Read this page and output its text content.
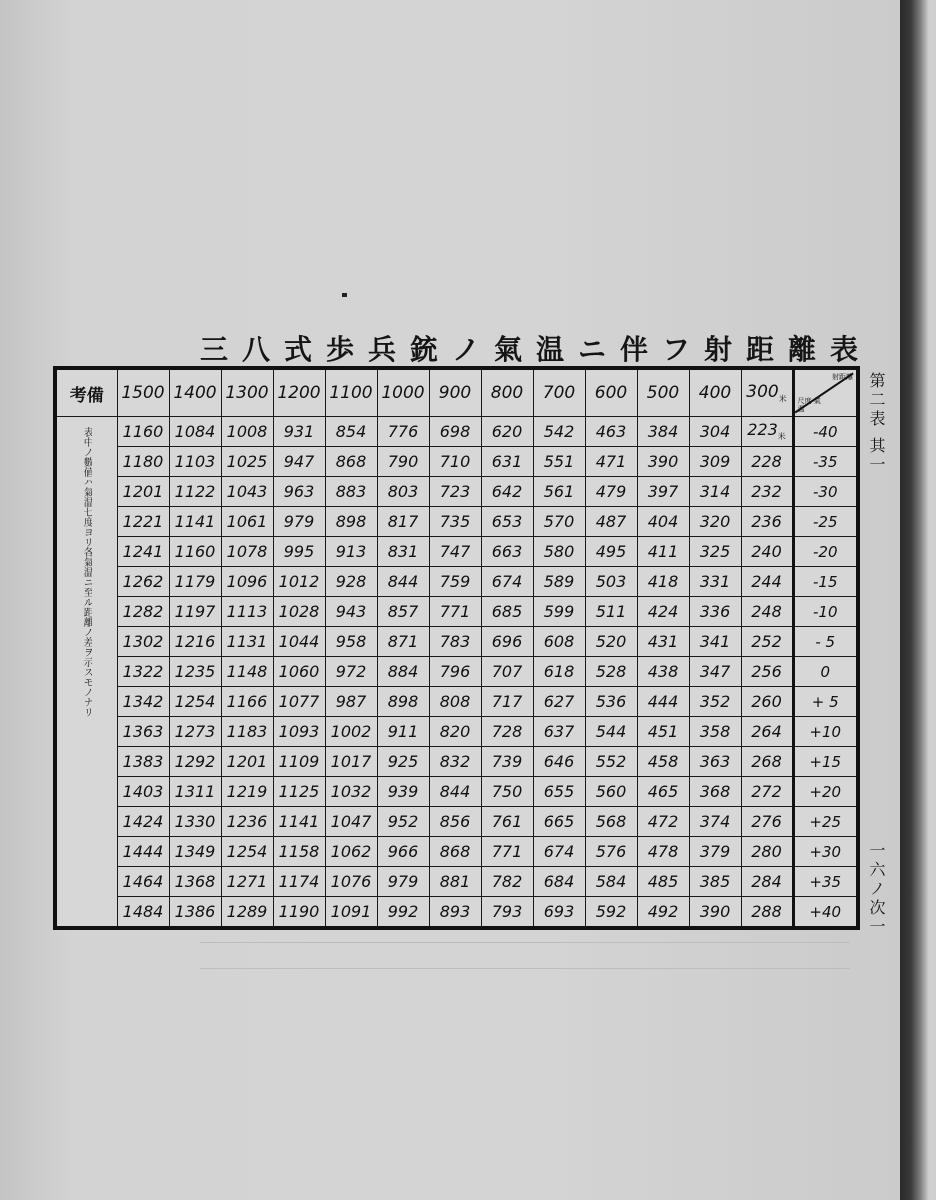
三八式歩兵銃ノ氣温ニ伴フ射距離表
考備	1500	1400	1300	1200	1100	1000	900	800	700	600	500	400	$300_米$	射距離
尺度 氣温

表中ノ數値ハ氣温七度ヨリ各氣温ニ至ル距離ノ差ヲ示スモノナリ	1160	1084	1008	931	854	776	698	620	542	463	384	304	$223_米$	-40
	1180	1103	1025	947	868	790	710	631	551	471	390	309	228	-35
	1201	1122	1043	963	883	803	723	642	561	479	397	314	232	-30
	1221	1141	1061	979	898	817	735	653	570	487	404	320	236	-25
	1241	1160	1078	995	913	831	747	663	580	495	411	325	240	-20
	1262	1179	1096	1012	928	844	759	674	589	503	418	331	244	-15
	1282	1197	1113	1028	943	857	771	685	599	511	424	336	248	-10
	1302	1216	1131	1044	958	871	783	696	608	520	431	341	252	- 5
	1322	1235	1148	1060	972	884	796	707	618	528	438	347	256	0
	1342	1254	1166	1077	987	898	808	717	627	536	444	352	260	+ 5
	1363	1273	1183	1093	1002	911	820	728	637	544	451	358	264	+10
	1383	1292	1201	1109	1017	925	832	739	646	552	458	363	268	+15
	1403	1311	1219	1125	1032	939	844	750	655	560	465	368	272	+20
	1424	1330	1236	1141	1047	952	856	761	665	568	472	374	276	+25
	1444	1349	1254	1158	1062	966	868	771	674	576	478	379	280	+30
	1464	1368	1271	1174	1076	979	881	782	684	584	485	385	284	+35
	1484	1386	1289	1190	1091	992	893	793	693	592	492	390	288	+40
第二表 其一
一六ノ次一
